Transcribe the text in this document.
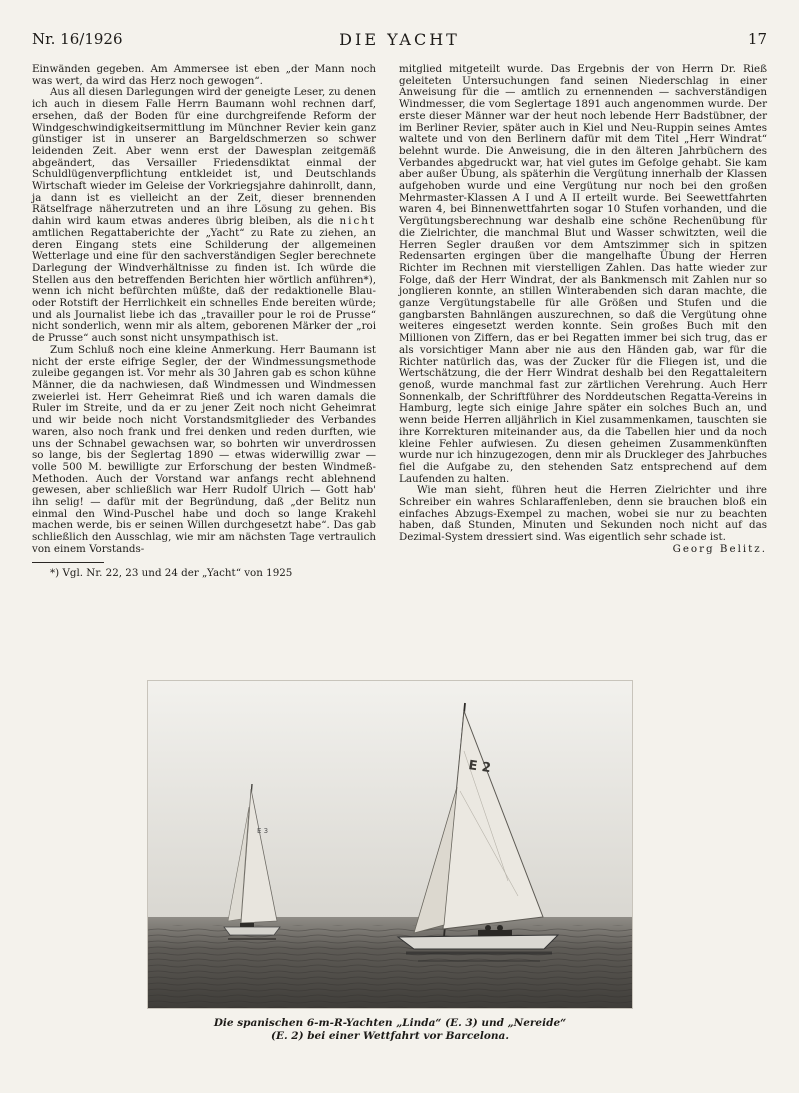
Nr. 16/1926	DIE YACHT	17

Einwänden gegeben. Am Ammersee ist eben „der Mann noch was wert, da wird das Herz noch gewogen“.

Aus all diesen Darlegungen wird der geneigte Leser, zu denen ich auch in diesem Falle Herrn Baumann wohl rechnen darf, ersehen, daß der Boden für eine durchgreifende Reform der Windgeschwindigkeitsermittlung im Münchner Revier kein ganz günstiger ist in unserer an Bargeldschmerzen so schwer leidenden Zeit. Aber wenn erst der Dawesplan zeitgemäß abgeändert, das Versailler Friedensdiktat einmal der Schuldlügenverpflichtung entkleidet ist, und Deutschlands Wirtschaft wieder im Geleise der Vorkriegsjahre dahinrollt, dann, ja dann ist es vielleicht an der Zeit, dieser brennenden Rätselfrage näherzutreten und an ihre Lösung zu gehen. Bis dahin wird kaum etwas anderes übrig bleiben, als die nicht amtlichen Regattaberichte der „Yacht“ zu Rate zu ziehen, an deren Eingang stets eine Schilderung der allgemeinen Wetterlage und eine für den sachverständigen Segler berechnete Darlegung der Windverhältnisse zu finden ist. Ich würde die Stellen aus den betreffenden Berichten hier wörtlich anführen*), wenn ich nicht befürchten müßte, daß der redaktionelle Blau- oder Rotstift der Herrlichkeit ein schnelles Ende bereiten würde; und als Journalist liebe ich das „travailler pour le roi de Prusse“ nicht sonderlich, wenn mir als altem, geborenen Märker der „roi de Prusse“ auch sonst nicht unsympathisch ist.

Zum Schluß noch eine kleine Anmerkung. Herr Baumann ist nicht der erste eifrige Segler, der der Windmessungsmethode zuleibe gegangen ist. Vor mehr als 30 Jahren gab es schon kühne Männer, die da nachwiesen, daß Windmessen und Windmessen zweierlei ist. Herr Geheimrat Rieß und ich waren damals die Ruler im Streite, und da er zu jener Zeit noch nicht Geheimrat und wir beide noch nicht Vorstandsmitglieder des Verbandes waren, also noch frank und frei denken und reden durften, wie uns der Schnabel gewachsen war, so bohrten wir unverdrossen so lange, bis der Seglertag 1890 — etwas widerwillig zwar — volle 500 M. bewilligte zur Erforschung der besten Windmeß-Methoden. Auch der Vorstand war anfangs recht ablehnend gewesen, aber schließlich war Herr Rudolf Ulrich — Gott hab' ihn selig! — dafür mit der Begründung, daß „der Belitz nun einmal den Wind-Puschel habe und doch so lange Krakehl machen werde, bis er seinen Willen durchgesetzt habe“. Das gab schließlich den Ausschlag, wie mir am nächsten Tage vertraulich von einem Vorstands-

*) Vgl. Nr. 22, 23 und 24 der „Yacht“ von 1925

mitglied mitgeteilt wurde. Das Ergebnis der von Herrn Dr. Rieß geleiteten Untersuchungen fand seinen Niederschlag in einer Anweisung für die — amtlich zu ernennenden — sachverständigen Windmesser, die vom Seglertage 1891 auch angenommen wurde. Der erste dieser Männer war der heut noch lebende Herr Badstübner, der im Berliner Revier, später auch in Kiel und Neu-Ruppin seines Amtes waltete und von den Berlinern dafür mit dem Titel „Herr Windrat“ belehnt wurde. Die Anweisung, die in den älteren Jahrbüchern des Verbandes abgedruckt war, hat viel gutes im Gefolge gehabt. Sie kam aber außer Übung, als späterhin die Vergütung innerhalb der Klassen aufgehoben wurde und eine Vergütung nur noch bei den großen Mehrmaster-Klassen A I und A II erteilt wurde. Bei Seewettfahrten waren 4, bei Binnenwettfahrten sogar 10 Stufen vorhanden, und die Vergütungsberechnung war deshalb eine schöne Rechenübung für die Zielrichter, die manchmal Blut und Wasser schwitzten, weil die Herren Segler draußen vor dem Amtszimmer sich in spitzen Redensarten ergingen über die mangelhafte Übung der Herren Richter im Rechnen mit vierstelligen Zahlen. Das hatte wieder zur Folge, daß der Herr Windrat, der als Bankmensch mit Zahlen nur so jonglieren konnte, an stillen Winterabenden sich daran machte, die ganze Vergütungstabelle für alle Größen und Stufen und die gangbarsten Bahnlängen auszurechnen, so daß die Vergütung ohne weiteres eingesetzt werden konnte. Sein großes Buch mit den Millionen von Ziffern, das er bei Regatten immer bei sich trug, das er als vorsichtiger Mann aber nie aus den Händen gab, war für die Richter natürlich das, was der Zucker für die Fliegen ist, und die Wertschätzung, die der Herr Windrat deshalb bei den Regattaleitern genoß, wurde manchmal fast zur zärtlichen Verehrung. Auch Herr Sonnenkalb, der Schriftführer des Norddeutschen Regatta-Vereins in Hamburg, legte sich einige Jahre später ein solches Buch an, und wenn beide Herren alljährlich in Kiel zusammenkamen, tauschten sie ihre Korrekturen miteinander aus, da die Tabellen hier und da noch kleine Fehler aufwiesen. Zu diesen geheimen Zusammenkünften wurde nur ich hinzugezogen, denn mir als Druckleger des Jahrbuches fiel die Aufgabe zu, den stehenden Satz entsprechend auf dem Laufenden zu halten.

Wie man sieht, führen heut die Herren Zielrichter und ihre Schreiber ein wahres Schlaraffenleben, denn sie brauchen bloß ein einfaches Abzugs-Exempel zu machen, wobei sie nur zu beachten haben, daß Stunden, Minuten und Sekunden noch nicht auf das Dezimal-System dressiert sind. Was eigentlich sehr schade ist.

Georg Belitz.

E 3
E 2
Die spanischen 6-m-R-Yachten „Linda“ (E. 3) und „Nereide“
(E. 2) bei einer Wettfahrt vor Barcelona.
